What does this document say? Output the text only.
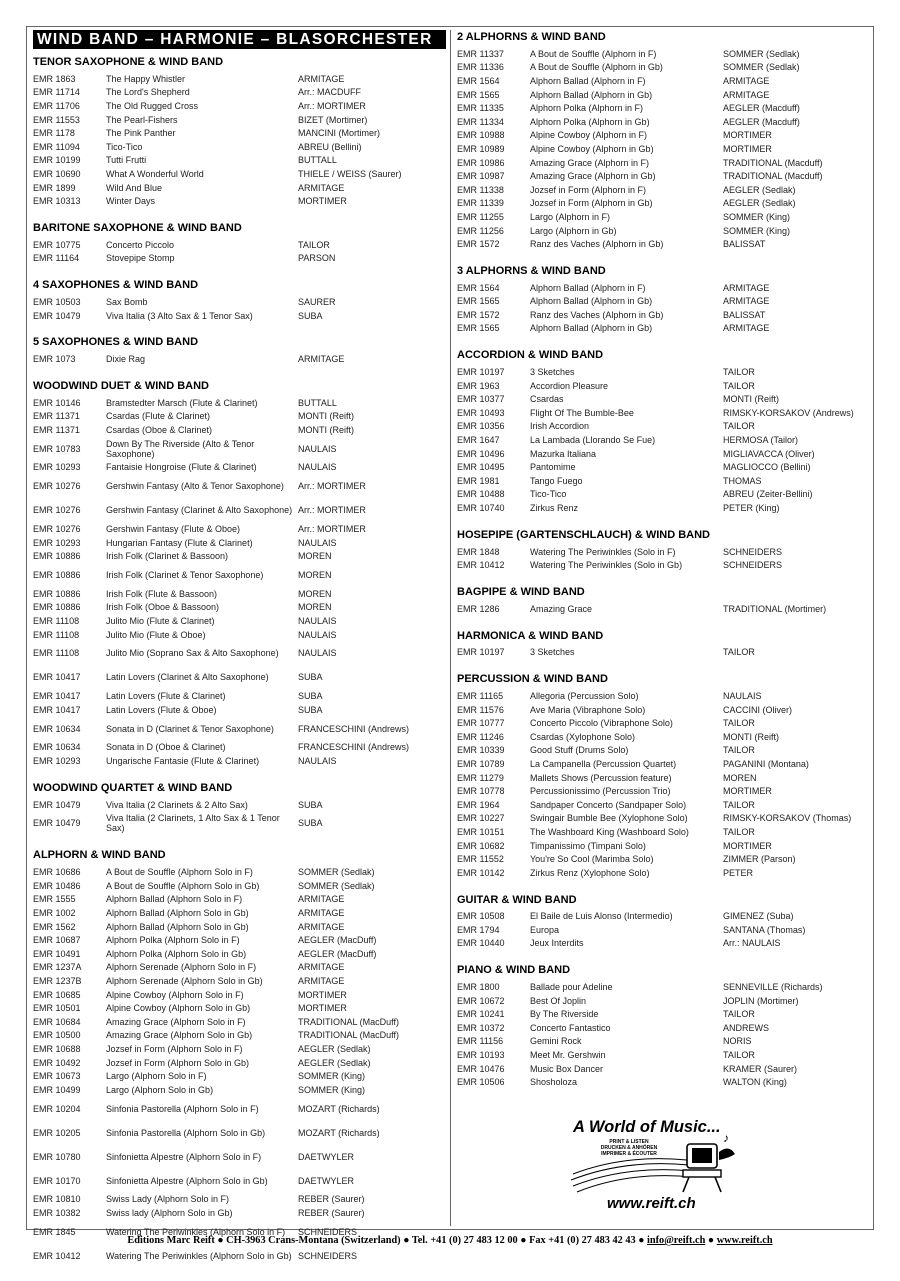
WIND BAND – HARMONIE – BLASORCHESTER
TENOR SAXOPHONE & WIND BAND
EMR 1863	The Happy Whistler	ARMITAGE
EMR 11714	The Lord's Shepherd	Arr.: MACDUFF
EMR 11706	The Old Rugged Cross	Arr.: MORTIMER
EMR 11553	The Pearl-Fishers	BIZET (Mortimer)
EMR 1178	The Pink Panther	MANCINI (Mortimer)
EMR 11094	Tico-Tico	ABREU (Bellini)
EMR 10199	Tutti Frutti	BUTTALL
EMR 10690	What A Wonderful World	THIELE / WEISS (Saurer)
EMR 1899	Wild And Blue	ARMITAGE
EMR 10313	Winter Days	MORTIMER
BARITONE SAXOPHONE & WIND BAND
EMR 10775	Concerto Piccolo	TAILOR
EMR 11164	Stovepipe Stomp	PARSON
4 SAXOPHONES & WIND BAND
EMR 10503	Sax Bomb	SAURER
EMR 10479	Viva Italia (3 Alto Sax & 1 Tenor Sax)	SUBA
5 SAXOPHONES & WIND BAND
EMR 1073	Dixie Rag	ARMITAGE
WOODWIND DUET & WIND BAND
EMR 10146	Bramstedter Marsch (Flute & Clarinet)	BUTTALL
EMR 11371	Csardas (Flute & Clarinet)	MONTI (Reift)
EMR 11371	Csardas (Oboe & Clarinet)	MONTI (Reift)
EMR 10783	Down By The Riverside (Alto & Tenor Saxophone)	NAULAIS
EMR 10293	Fantaisie Hongroise (Flute & Clarinet)	NAULAIS
EMR 10276	Gershwin Fantasy (Alto & Tenor Saxophone)	Arr.: MORTIMER
EMR 10276	Gershwin Fantasy (Clarinet & Alto Saxophone) Arr.: MORTIMER
EMR 10276	Gershwin Fantasy (Flute & Oboe)	Arr.: MORTIMER
EMR 10293	Hungarian Fantasy (Flute & Clarinet)	NAULAIS
EMR 10886	Irish Folk (Clarinet & Bassoon)	MOREN
EMR 10886	Irish Folk (Clarinet & Tenor Saxophone)	MOREN
EMR 10886	Irish Folk (Flute & Bassoon)	MOREN
EMR 10886	Irish Folk (Oboe & Bassoon)	MOREN
EMR 11108	Julito Mio (Flute & Clarinet)	NAULAIS
EMR 11108	Julito Mio (Flute & Oboe)	NAULAIS
EMR 11108	Julito Mio (Soprano Sax & Alto Saxophone)	NAULAIS
EMR 10417	Latin Lovers (Clarinet & Alto Saxophone)	SUBA
EMR 10417	Latin Lovers (Flute & Clarinet)	SUBA
EMR 10417	Latin Lovers (Flute & Oboe)	SUBA
EMR 10634	Sonata in D (Clarinet & Tenor Saxophone)	FRANCESCHINI (Andrews)
EMR 10634	Sonata in D (Oboe & Clarinet)	FRANCESCHINI (Andrews)
EMR 10293	Ungarische Fantasie (Flute & Clarinet)	NAULAIS
WOODWIND QUARTET & WIND BAND
EMR 10479	Viva Italia (2 Clarinets & 2 Alto Sax)	SUBA
EMR 10479	Viva Italia (2 Clarinets, 1 Alto Sax & 1 Tenor Sax)	SUBA
ALPHORN & WIND BAND
EMR 10686	A Bout de Souffle (Alphorn Solo in F)	SOMMER (Sedlak)
EMR 10486	A Bout de Souffle (Alphorn Solo in Gb)	SOMMER (Sedlak)
EMR 1555	Alphorn Ballad (Alphorn Solo in F)	ARMITAGE
EMR 1002	Alphorn Ballad (Alphorn Solo in Gb)	ARMITAGE
EMR 1562	Alphorn Ballad (Alphorn Solo in Gb)	ARMITAGE
EMR 10687	Alphorn Polka (Alphorn Solo in F)	AEGLER (MacDuff)
EMR 10491	Alphorn Polka (Alphorn Solo in Gb)	AEGLER (MacDuff)
EMR 1237A	Alphorn Serenade (Alphorn Solo in F)	ARMITAGE
EMR 1237B	Alphorn Serenade (Alphorn Solo in Gb)	ARMITAGE
EMR 10685	Alpine Cowboy (Alphorn Solo in F)	MORTIMER
EMR 10501	Alpine Cowboy (Alphorn Solo in Gb)	MORTIMER
EMR 10684	Amazing Grace (Alphorn Solo in F)	TRADITIONAL (MacDuff)
EMR 10500	Amazing Grace (Alphorn Solo in Gb)	TRADITIONAL (MacDuff)
EMR 10688	Jozsef in Form (Alphorn Solo in F)	AEGLER (Sedlak)
EMR 10492	Jozsef in Form (Alphorn Solo in Gb)	AEGLER (Sedlak)
EMR 10673	Largo (Alphorn Solo in F)	SOMMER (King)
EMR 10499	Largo (Alphorn Solo in Gb)	SOMMER (King)
EMR 10204	Sinfonia Pastorella (Alphorn Solo in F)	MOZART (Richards)
EMR 10205	Sinfonia Pastorella (Alphorn Solo in Gb)	MOZART (Richards)
EMR 10780	Sinfonietta Alpestre (Alphorn Solo in F)	DAETWYLER
EMR 10170	Sinfonietta Alpestre (Alphorn Solo in Gb)	DAETWYLER
EMR 10810	Swiss Lady (Alphorn Solo in F)	REBER (Saurer)
EMR 10382	Swiss lady (Alphorn Solo in Gb)	REBER (Saurer)
EMR 1845	Watering The Periwinkles (Alphorn Solo in F)	SCHNEIDERS
EMR 10412	Watering The Periwinkles (Alphorn Solo in Gb) SCHNEIDERS
2 ALPHORNS & WIND BAND
EMR 11337	A Bout de Souffle (Alphorn in F)	SOMMER (Sedlak)
EMR 11336	A Bout de Souffle (Alphorn in Gb)	SOMMER (Sedlak)
EMR 1564	Alphorn Ballad (Alphorn in F)	ARMITAGE
EMR 1565	Alphorn Ballad (Alphorn in Gb)	ARMITAGE
EMR 11335	Alphorn Polka (Alphorn in F)	AEGLER (Macduff)
EMR 11334	Alphorn Polka (Alphorn in Gb)	AEGLER (Macduff)
EMR 10988	Alpine Cowboy (Alphorn in F)	MORTIMER
EMR 10989	Alpine Cowboy (Alphorn in Gb)	MORTIMER
EMR 10986	Amazing Grace (Alphorn in F)	TRADITIONAL (Macduff)
EMR 10987	Amazing Grace (Alphorn in Gb)	TRADITIONAL (Macduff)
EMR 11338	Jozsef in Form (Alphorn in F)	AEGLER (Sedlak)
EMR 11339	Jozsef in Form (Alphorn in Gb)	AEGLER (Sedlak)
EMR 11255	Largo (Alphorn in F)	SOMMER (King)
EMR 11256	Largo (Alphorn in Gb)	SOMMER (King)
EMR 1572	Ranz des Vaches (Alphorn in Gb)	BALISSAT
3 ALPHORNS & WIND BAND
EMR 1564	Alphorn Ballad (Alphorn in F)	ARMITAGE
EMR 1565	Alphorn Ballad (Alphorn in Gb)	ARMITAGE
EMR 1572	Ranz des Vaches (Alphorn in Gb)	BALISSAT
EMR 1565	Alphorn Ballad (Alphorn in Gb)	ARMITAGE
ACCORDION & WIND BAND
EMR 10197	3 Sketches	TAILOR
EMR 1963	Accordion Pleasure	TAILOR
EMR 10377	Csardas	MONTI (Reift)
EMR 10493	Flight Of The Bumble-Bee	RIMSKY-KORSAKOV (Andrews)
EMR 10356	Irish Accordion	TAILOR
EMR 1647	La Lambada (Llorando Se Fue)	HERMOSA (Tailor)
EMR 10496	Mazurka Italiana	MIGLIAVACCA (Oliver)
EMR 10495	Pantomime	MAGLIOCCO (Bellini)
EMR 1981	Tango Fuego	THOMAS
EMR 10488	Tico-Tico	ABREU (Zeiter-Bellini)
EMR 10740	Zirkus Renz	PETER (King)
HOSEPIPE (GARTENSCHLAUCH) & WIND BAND
EMR 1848	Watering The Periwinkles (Solo in F)	SCHNEIDERS
EMR 10412	Watering The Periwinkles (Solo in Gb)	SCHNEIDERS
BAGPIPE & WIND BAND
EMR 1286	Amazing Grace	TRADITIONAL (Mortimer)
HARMONICA & WIND BAND
EMR 10197	3 Sketches	TAILOR
PERCUSSION & WIND BAND
EMR 11165	Allegoria (Percussion Solo)	NAULAIS
EMR 11576	Ave Maria (Vibraphone Solo)	CACCINI (Oliver)
EMR 10777	Concerto Piccolo (Vibraphone Solo)	TAILOR
EMR 11246	Csardas (Xylophone Solo)	MONTI (Reift)
EMR 10339	Good Stuff (Drums Solo)	TAILOR
EMR 10789	La Campanella (Percussion Quartet)	PAGANINI (Montana)
EMR 11279	Mallets Shows (Percussion feature)	MOREN
EMR 10778	Percussionissimo (Percussion Trio)	MORTIMER
EMR 1964	Sandpaper Concerto (Sandpaper Solo)	TAILOR
EMR 10227	Swingair Bumble Bee (Xylophone Solo)	RIMSKY-KORSAKOV (Thomas)
EMR 10151	The Washboard King (Washboard Solo)	TAILOR
EMR 10682	Timpanissimo (Timpani Solo)	MORTIMER
EMR 11552	You're So Cool (Marimba Solo)	ZIMMER (Parson)
EMR 10142	Zirkus Renz (Xylophone Solo)	PETER
GUITAR & WIND BAND
EMR 10508	El Baile de Luis Alonso (Intermedio)	GIMENEZ (Suba)
EMR 1794	Europa	SANTANA (Thomas)
EMR 10440	Jeux Interdits	Arr.: NAULAIS
PIANO & WIND BAND
EMR 1800	Ballade pour Adeline	SENNEVILLE (Richards)
EMR 10672	Best Of Joplin	JOPLIN (Mortimer)
EMR 10241	By The Riverside	TAILOR
EMR 10372	Concerto Fantastico	ANDREWS
EMR 11156	Gemini Rock	NORIS
EMR 10193	Meet Mr. Gershwin	TAILOR
EMR 10476	Music Box Dancer	KRAMER (Saurer)
EMR 10506	Shosholoza	WALTON (King)
♪
A World of Music...
PRINT & LISTEN
DRUCKEN & ANHÖREN
IMPRIMER & ÉCOUTER
www.reift.ch
Editions Marc Reift ● CH-3963 Crans-Montana (Switzerland) ● Tel. +41 (0) 27 483 12 00 ● Fax +41 (0) 27 483 42 43 ● info@reift.ch ● www.reift.ch
